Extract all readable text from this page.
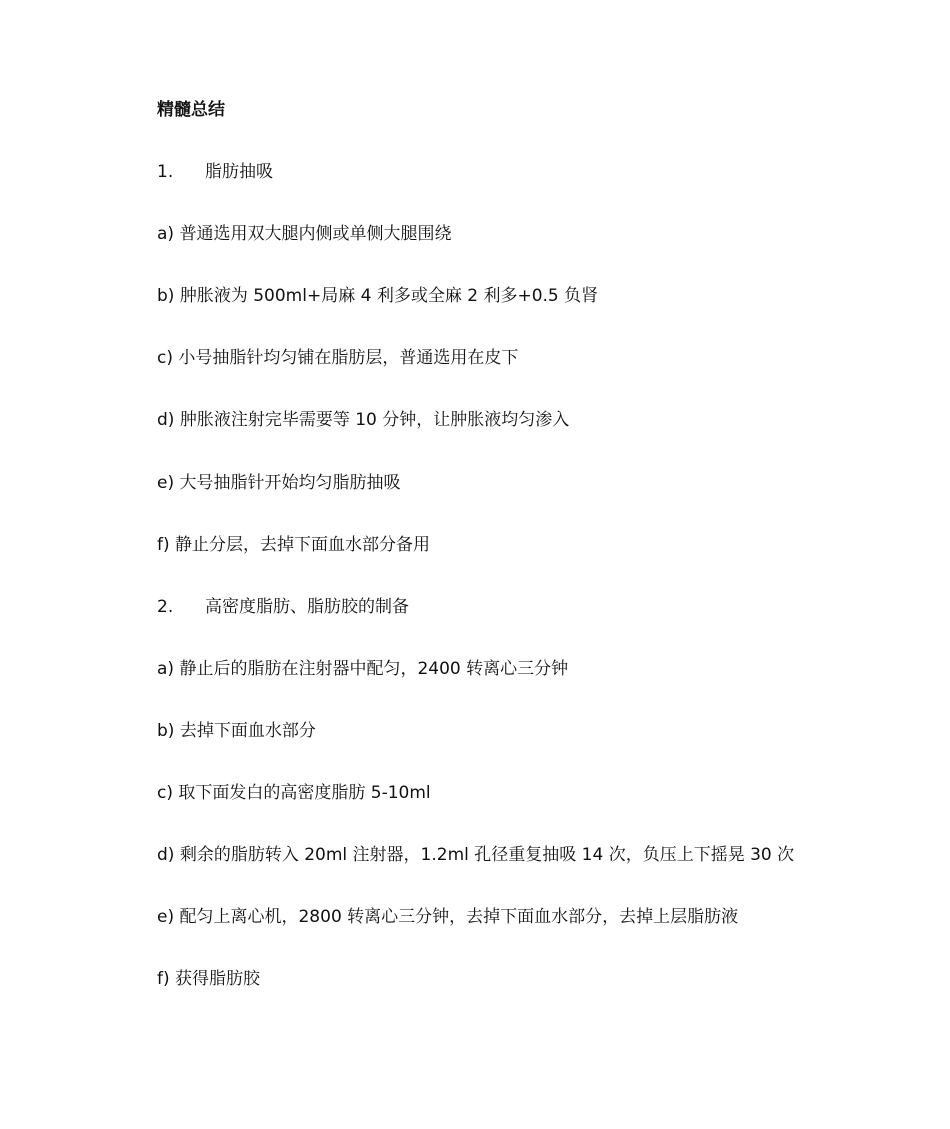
精髓总结
1. 脂肪抽吸
a) 普通选用双大腿内侧或单侧大腿围绕
b) 肿胀液为 500ml+局麻 4 利多或全麻 2 利多+0.5 负肾
c) 小号抽脂针均匀铺在脂肪层，普通选用在皮下
d) 肿胀液注射完毕需要等 10 分钟，让肿胀液均匀渗入
e) 大号抽脂针开始均匀脂肪抽吸
f) 静止分层，去掉下面血水部分备用
2. 高密度脂肪、脂肪胶的制备
a) 静止后的脂肪在注射器中配匀，2400 转离心三分钟
b) 去掉下面血水部分
c) 取下面发白的高密度脂肪 5-10ml
d) 剩余的脂肪转入 20ml 注射器，1.2ml 孔径重复抽吸 14 次，负压上下摇晃 30 次
e) 配匀上离心机，2800 转离心三分钟，去掉下面血水部分，去掉上层脂肪液
f) 获得脂肪胶
